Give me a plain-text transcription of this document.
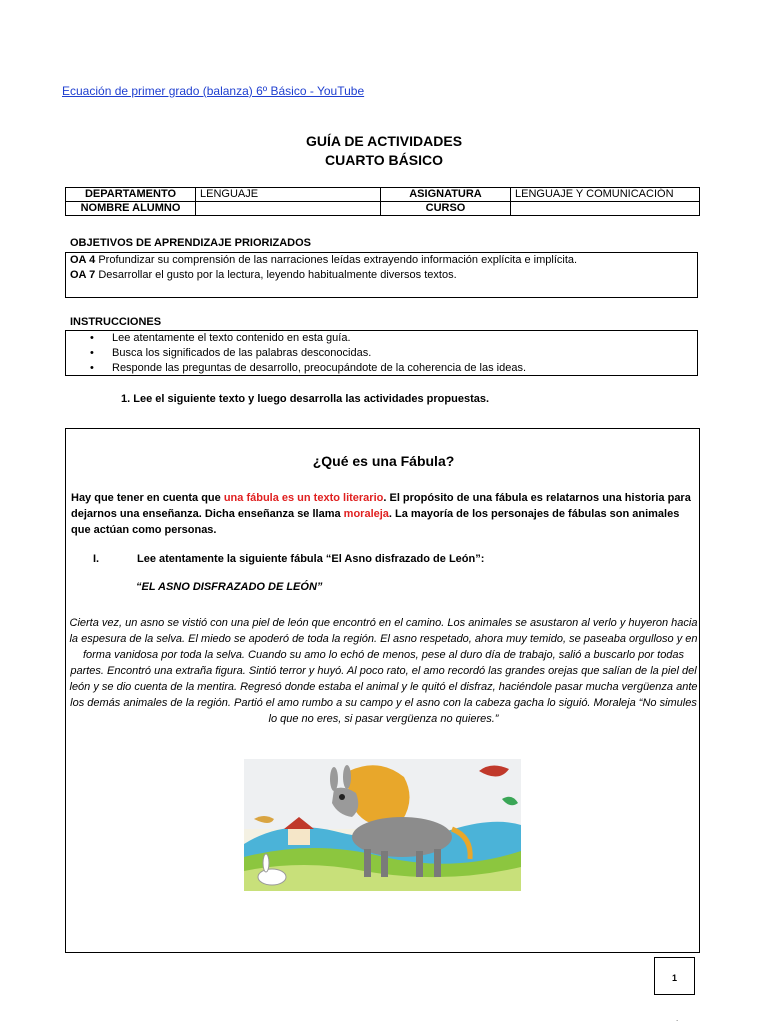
Ecuación de primer grado (balanza) 6º Básico - YouTube
GUÍA DE ACTIVIDADES
CUARTO BÁSICO
DEPARTAMENTO	LENGUAJE	ASIGNATURA	LENGUAJE Y COMUNICACIÓN
NOMBRE ALUMNO		CURSO	
OBJETIVOS DE APRENDIZAJE PRIORIZADOS
OA 4 Profundizar su comprensión de las narraciones leídas extrayendo información explícita e implícita.
OA 7 Desarrollar el gusto por la lectura, leyendo habitualmente diversos textos.
INSTRUCCIONES
• Lee atentamente el texto contenido en esta guía.
• Busca los significados de las palabras desconocidas.
• Responde las preguntas de desarrollo, preocupándote de la coherencia de las ideas.
1. Lee el siguiente texto y luego desarrolla las actividades propuestas.
¿Qué es una Fábula?
Hay que tener en cuenta que una fábula es un texto literario. El propósito de una fábula es relatarnos una historia para dejarnos una enseñanza. Dicha enseñanza se llama moraleja. La mayoría de los personajes de fábulas son animales que actúan como personas.
I.	Lee atentamente la siguiente fábula “El Asno disfrazado de León”:
“EL ASNO DISFRAZADO DE LEÓN”
Cierta vez, un asno se vistió con una piel de león que encontró en el camino. Los animales se asustaron al verlo y huyeron hacia la espesura de la selva. El miedo se apoderó de toda la región. El asno respetado, ahora muy temido, se paseaba orgulloso y en forma vanidosa por toda la selva. Cuando su amo lo echó de menos, pese al duro día de trabajo, salió a buscarlo por todas partes. Encontró una extraña figura. Sintió terror y huyó. Al poco rato, el amo recordó las grandes orejas que salían de la piel del león y se dio cuenta de la mentira. Regresó donde estaba el animal y le quitó el disfraz, haciéndole pasar mucha vergüenza ante los demás animales de la región. Partió el amo rumbo a su campo y el asno con la cabeza gacha lo siguió. Moraleja “No simules lo que no eres, si pasar vergüenza no quieres.”
1
.
